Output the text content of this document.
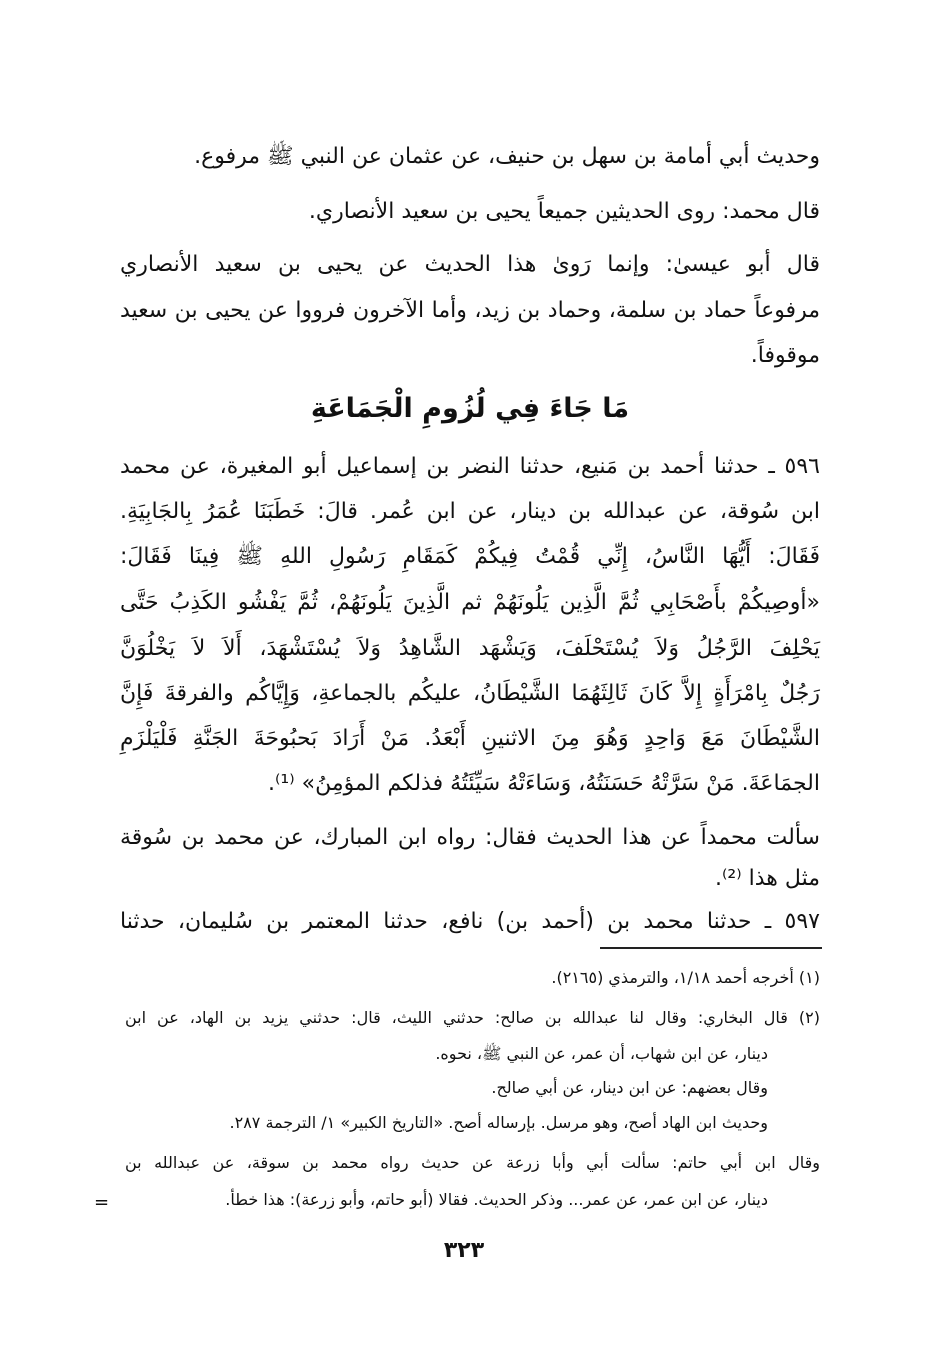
وحديث أبي أمامة بن سهل بن حنيف، عن عثمان عن النبي ﷺ مرفوع.
قال محمد: روى الحديثين جميعاً يحيى بن سعيد الأنصاري.
قال أبو عيسىٰ: وإنما رَوىٰ هذا الحديث عن يحيى بن سعيد الأنصاري
مرفوعاً حماد بن سلمة، وحماد بن زيد، وأما الآخرون فرووا عن يحيى بن سعيد
موقوفاً.
مَا جَاءَ فِي لُزُومِ الْجَمَاعَةِ
٥٩٦ ـ حدثنا أحمد بن مَنيع، حدثنا النضر بن إسماعيل أبو المغيرة، عن محمد
ابن سُوقة، عن عبدالله بن دينار، عن ابن عُمر. قالَ: خَطَبَنَا عُمَرُ بِالجَابِيَةِ.
فَقَالَ: أَيُّهَا النَّاسُ، إِنِّي قُمْتُ فِيكُمْ كَمَقَامِ رَسُولِ اللهِ ﷺ فِينَا فَقَالَ:
«أوصِيكُمْ بأَصْحَابِي ثُمَّ الَّذِين يَلُونَهُمْ ثم الَّذِينَ يَلُونَهُمْ، ثُمَّ يَفْشُو الكَذِبُ حَتَّى
يَحْلِفَ الرَّجُلُ وَلاَ يُسْتَحْلَفَ، وَيَشْهَد الشَّاهِدُ وَلاَ يُسْتَشْهَدَ، أَلاَ لاَ يَخْلُوَنَّ
رَجُلٌ بِامْرَأَةٍ إِلاَّ كَانَ ثَالِثَهُمَا الشَّيْطَانُ، عليكُم بالجماعةِ، وَإِيَّاكُم والفرقةَ فَإِنَّ
الشَّيْطَانَ مَعَ وَاحِدٍ وَهُوَ مِنَ الاثنينِ أَبْعَدُ. مَنْ أَرَادَ بَحبُوحَةَ الجَنَّةِ فَلْيَلْزَمِ
الجمَاعَةَ. مَنْ سَرَّتْهُ حَسَنَتُهُ، وَسَاءَتْهُ سَيِّئَتُهُ فذلكم المؤمِنُ» ⁽¹⁾.
سألت محمداً عن هذا الحديث فقال: رواه ابن المبارك، عن محمد بن سُوقة
مثل هذا ⁽²⁾.
٥٩٧ ـ حدثنا محمد بن (أحمد بن) نافع، حدثنا المعتمر بن سُليمان، حدثنا
(١) أخرجه أحمد ١/١٨، والترمذي (٢١٦٥).
(٢) قال البخاري: وقال لنا عبدالله بن صالح: حدثني الليث، قال: حدثني يزيد بن الهاد، عن ابن
دينار، عن ابن شهاب، أن عمر، عن النبي ﷺ، نحوه.
وقال بعضهم: عن ابن دينار، عن أبي صالح.
وحديث ابن الهاد أصح، وهو مرسل. بإرساله أصح. «التاريخ الكبير» ١/ الترجمة ٢٨٧.
وقال ابن أبي حاتم: سألت أبي وأبا زرعة عن حديث رواه محمد بن سوقة، عن عبدالله بن
دينار، عن ابن عمر، عن عمر... وذكر الحديث. فقالا (أبو حاتم، وأبو زرعة): هذا خطأ.
=
٣٢٣
